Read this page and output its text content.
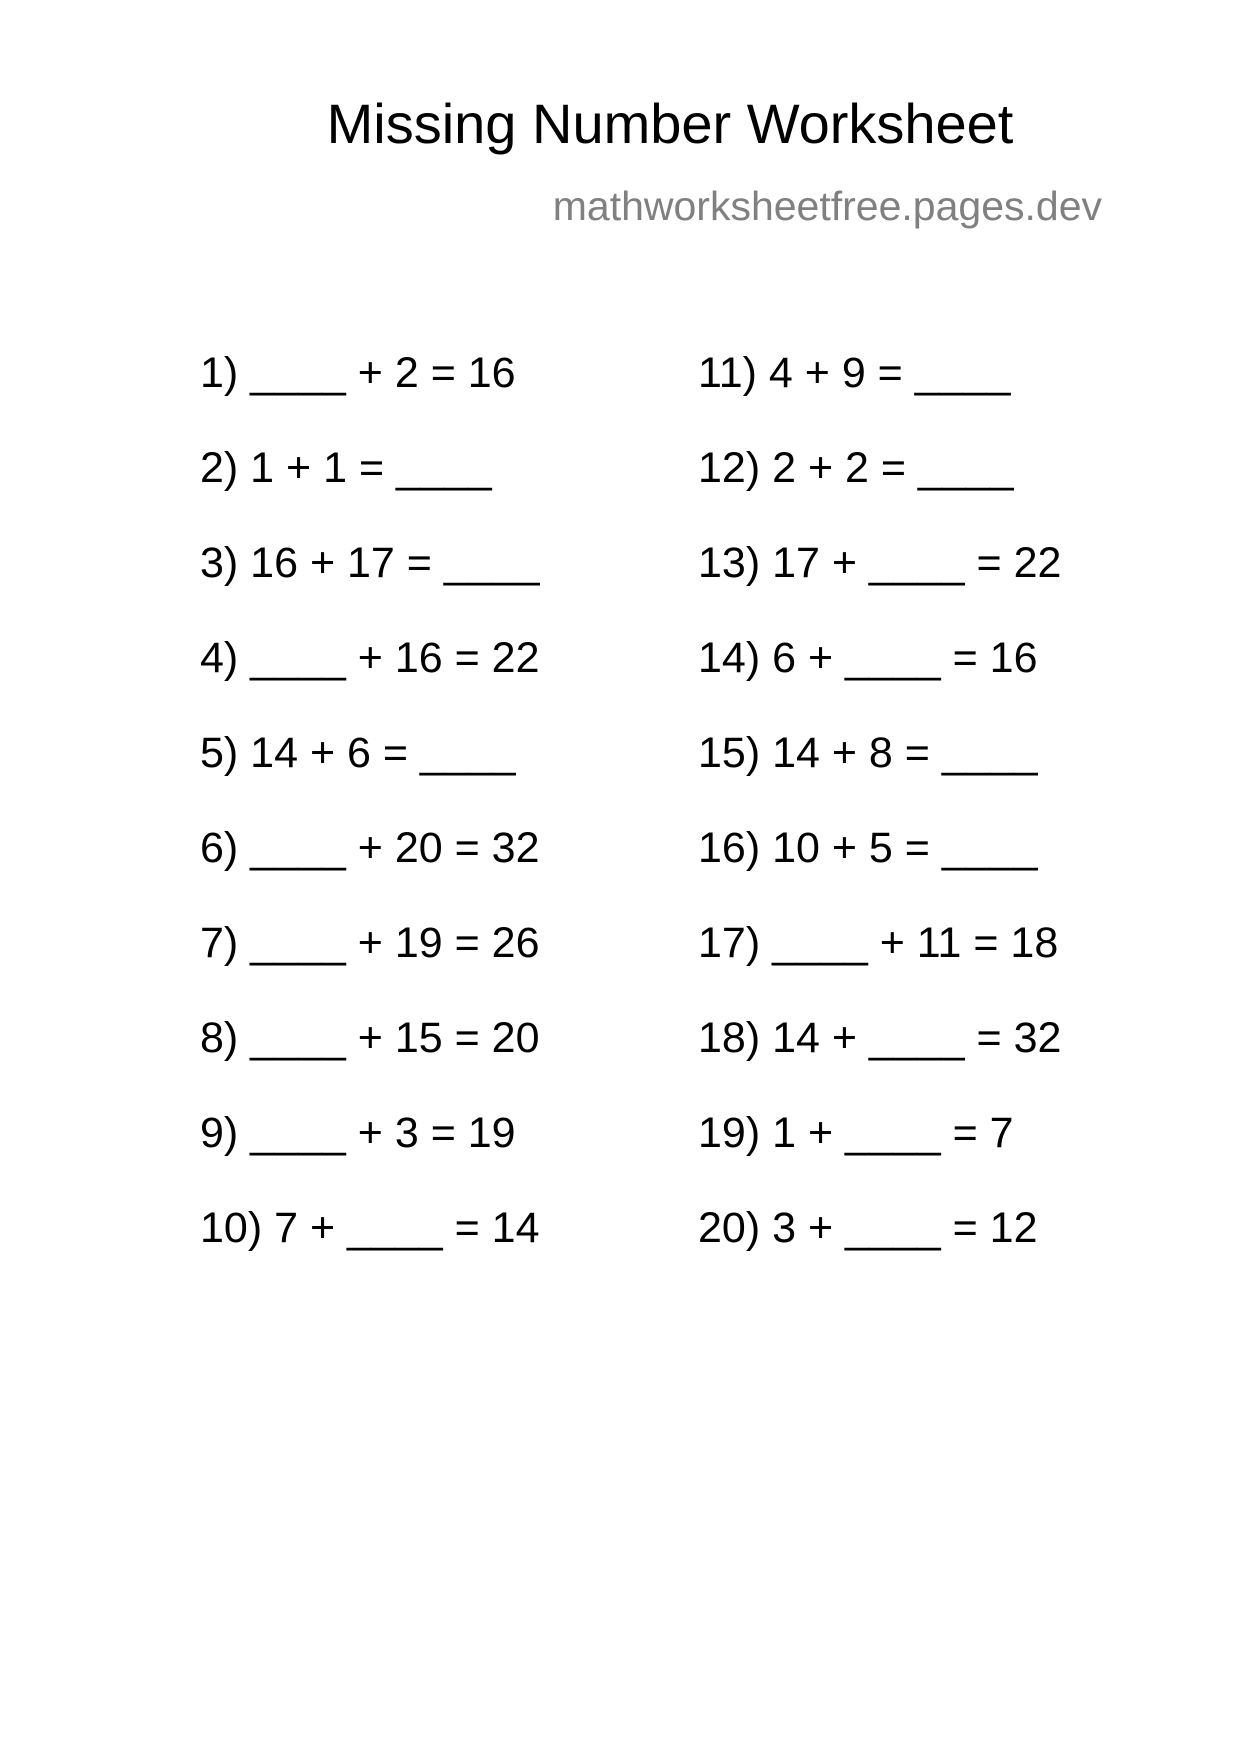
Missing Number Worksheet
mathworksheetfree.pages.dev
1) ____ + 2 = 16
2) 1 + 1 = ____
3) 16 + 17 = ____
4) ____ + 16 = 22
5) 14 + 6 = ____
6) ____ + 20 = 32
7) ____ + 19 = 26
8) ____ + 15 = 20
9) ____ + 3 = 19
10) 7 + ____ = 14
11) 4 + 9 = ____
12) 2 + 2 = ____
13) 17 + ____ = 22
14) 6 + ____ = 16
15) 14 + 8 = ____
16) 10 + 5 = ____
17) ____ + 11 = 18
18) 14 + ____ = 32
19) 1 + ____ = 7
20) 3 + ____ = 12
